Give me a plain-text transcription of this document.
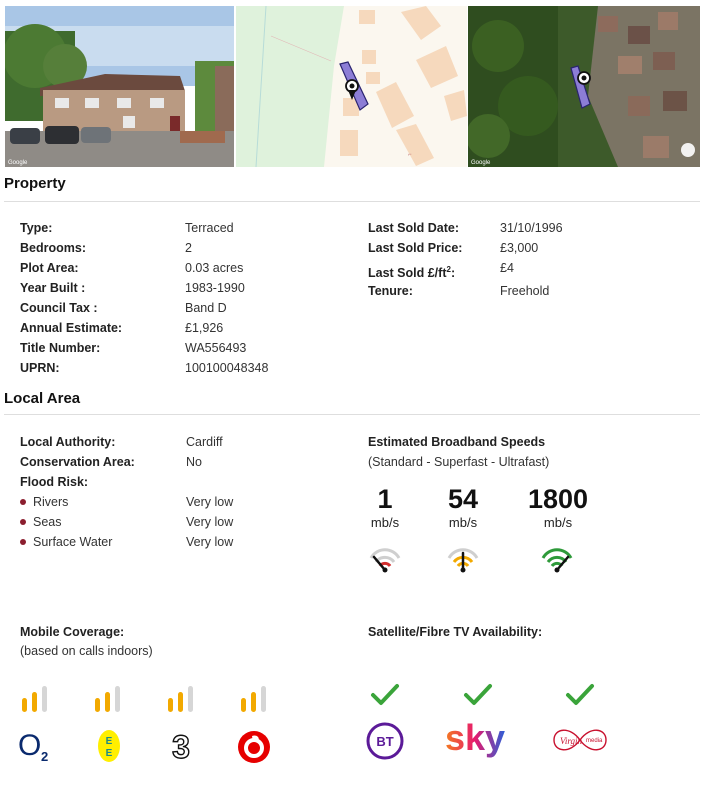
Google
⌐
Google
Property
Type:	Terraced
Bedrooms:	2
Plot Area:	0.03 acres
Year Built :	1983-1990
Council Tax :	Band D
Annual Estimate:	£1,926
Title Number:	WA556493
UPRN:	100100048348
Last Sold Date:	31/10/1996
Last Sold Price:	£3,000
Last Sold $£/ft^2$:	£4
Tenure:	Freehold
Local Area
Local Authority:	Cardiff
Conservation Area:	No
Flood Risk:
Rivers	Very low
Seas	Very low
Surface Water	Very low
Estimated Broadband Speeds
(Standard - Superfast - Ultrafast)
1
mb/s
54
mb/s
1800
mb/s
Mobile Coverage:
(based on calls indoors)
O 2
E
E 3
Satellite/Fibre TV Availability:
BT sky	Virgin media
